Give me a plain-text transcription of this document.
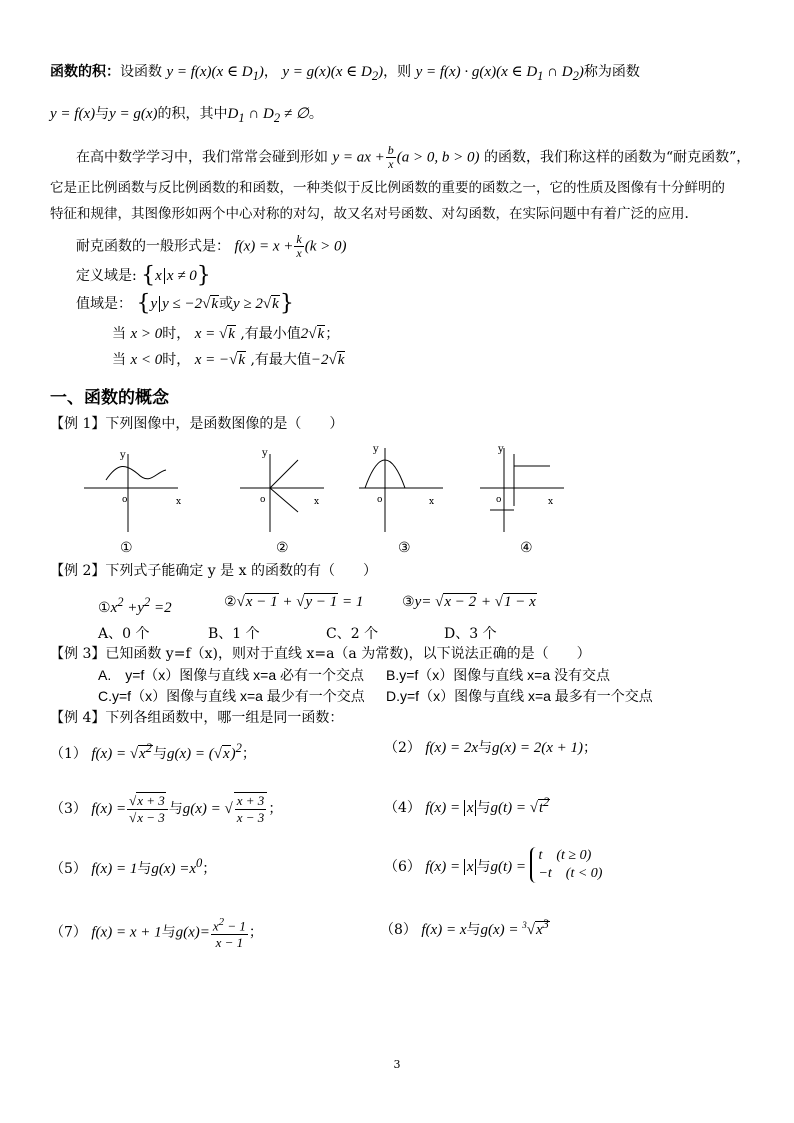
函数的积：设函数 y = f(x)(x ∈ $D_1$)， y = g(x)(x ∈ $D_2$)，则 y = f(x) · g(x)(x ∈ $D_1$ ∩ $D_2$)称为函数
y = f(x)与y = g(x)的积，其中$D_1$ ∩ $D_2$ ≠ ∅。
在高中数学学习中，我们常常会碰到形如 y = ax + $\frac{b}{x} (a > 0$, b > 0) 的函数，我们称这样的函数为“耐克函数”，
它是正比例函数与反比例函数的和函数，一种类似于反比例函数的重要的函数之一，它的性质及图像有十分鲜明的
特征和规律，其图像形如两个中心对称的对勾，故又名对号函数、对勾函数，在实际问题中有着广泛的应用.
耐克函数的一般形式是： $f(x) = x + \frac{k}{x} (k > 0)$
定义域是: {x x ≠ 0}
值域是： {y y ≤ −2√k或y ≥ 2√k}
当 x > 0时， x = √k ,有最小值2√k；
当 x < 0时， x = −√k ,有最大值−2√k
一、函数的概念
【例 1】下列图像中，是函数图像的是（　　）
y
o	x
y
o	x
y
o	x
y
o	x
①	②	③	④
【例 2】下列式子能确定 y 是 x 的函数的有（　　）
$①x^2 +y^2 =2$	②√x − 1 + √y − 1 = 1	③y= √x − 2 + √1 − x
A、0 个	B、1 个	C、2 个	D、3 个
【例 3】已知函数 y=f（x)，则对于直线 x=a（a 为常数)，以下说法正确的是（　　）
A.　y=f（x）图像与直线 x=a 必有一个交点 B.y=f（x）图像与直线 x=a 没有交点
C.y=f（x）图像与直线 x=a 最少有一个交点 D.y=f（x）图像与直线 x=a 最多有一个交点
【例 4】下列各组函数中，哪一组是同一函数：
（1） $f(x) = √x^2$与$g(x) = (√x)^2$；	（2） f(x) = 2x与g(x) = 2(x + 1)；
（3） $f(x) = \frac{√x + 3}{√x - 3}$ 与g(x) = √ $\frac{x + 3}{x - 3}$ ；	（4） f(x) = x 与$g(t) = √t^2$
（5） f(x) = 1与$g(x) =x^0$；	（6） f(x) = x 与g(t) =
t　(t ≥ 0)
−t　(t < 0)
（7） f(x) = x + 1与$g(x)= \frac{x^2 - 1}{x - 1}$ ；	（8） f(x) = x与$g(x) = ^3√x^3$
3
